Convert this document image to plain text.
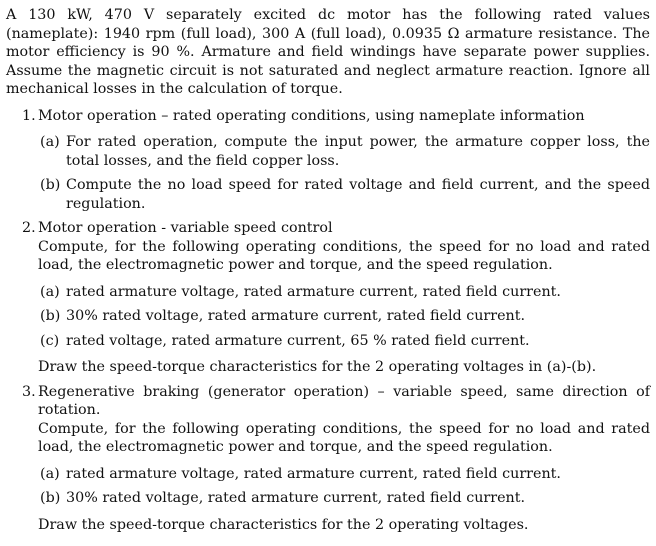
A 130 kW, 470 V separately excited dc motor has the following rated values (nameplate): 1940 rpm (full load), 300 A (full load), 0.0935 Ω armature resistance. The motor efficiency is 90 %. Armature and field windings have separate power supplies. Assume the magnetic circuit is not saturated and neglect armature reaction. Ignore all mechanical losses in the calculation of torque.

1. Motor operation – rated operating conditions, using nameplate information

(a) For rated operation, compute the input power, the armature copper loss, the total losses, and the field copper loss.
(b) Compute the no load speed for rated voltage and field current, and the speed regulation.
2. Motor operation - variable speed control

Compute, for the following operating conditions, the speed for no load and rated load, the electromagnetic power and torque, and the speed regulation.

(a) rated armature voltage, rated armature current, rated field current.
(b) 30% rated voltage, rated armature current, rated field current.
(c) rated voltage, rated armature current, 65 % rated field current.

Draw the speed-torque characteristics for the 2 operating voltages in (a)-(b).

3. Regenerative braking (generator operation) – variable speed, same direction of rotation.

Compute, for the following operating conditions, the speed for no load and rated load, the electromagnetic power and torque, and the speed regulation.

(a) rated armature voltage, rated armature current, rated field current.
(b) 30% rated voltage, rated armature current, rated field current.

Draw the speed-torque characteristics for the 2 operating voltages.
